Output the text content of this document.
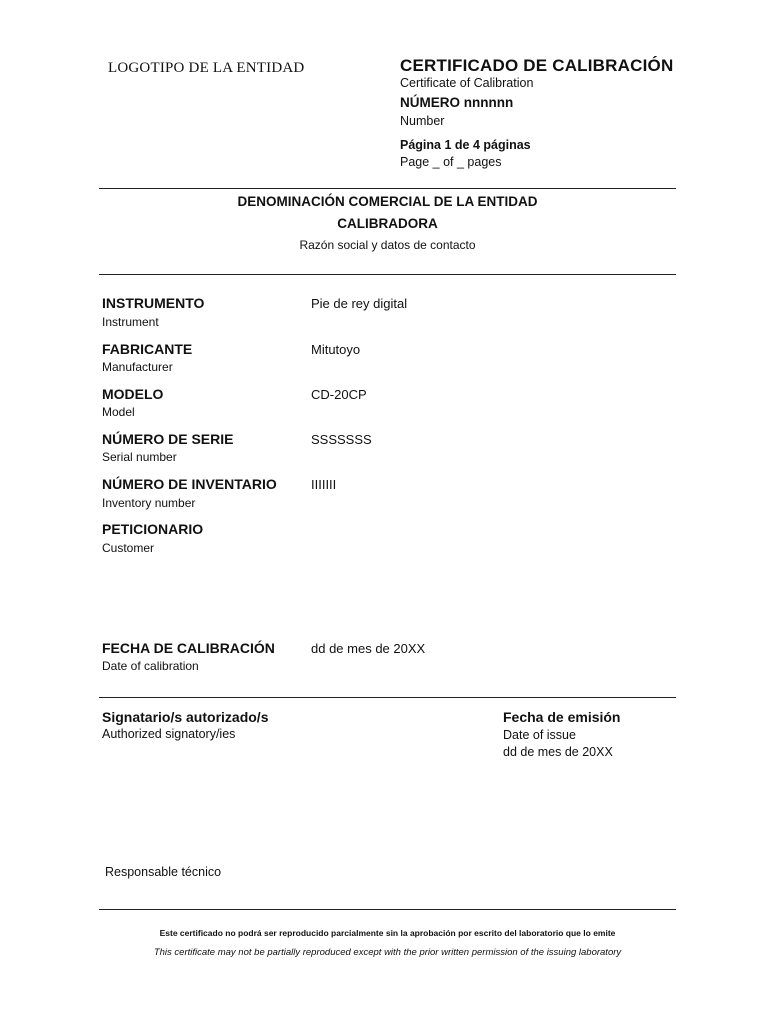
LOGOTIPO DE LA ENTIDAD	CERTIFICADO DE CALIBRACIÓN
Certificate of Calibration
NÚMERO nnnnnn
Number
Página 1 de 4 páginas
Page _ of _ pages
DENOMINACIÓN COMERCIAL DE LA ENTIDAD
CALIBRADORA
Razón social y datos de contacto
INSTRUMENTO
Instrument
Pie de rey digital
FABRICANTE
Manufacturer
Mitutoyo
MODELO
Model
CD-20CP
NÚMERO DE SERIE
Serial number
SSSSSSS
NÚMERO DE INVENTARIO
Inventory number
IIIIIII
PETICIONARIO
Customer
FECHA DE CALIBRACIÓN
Date of calibration
dd de mes de 20XX
Signatario/s autorizado/s
Authorized signatory/ies
Fecha de emisión
Date of issue
dd de mes de 20XX
Responsable técnico
Este certificado no podrá ser reproducido parcialmente sin la aprobación por escrito del laboratorio que lo emite
This certificate may not be partially reproduced except with the prior written permission of the issuing laboratory
